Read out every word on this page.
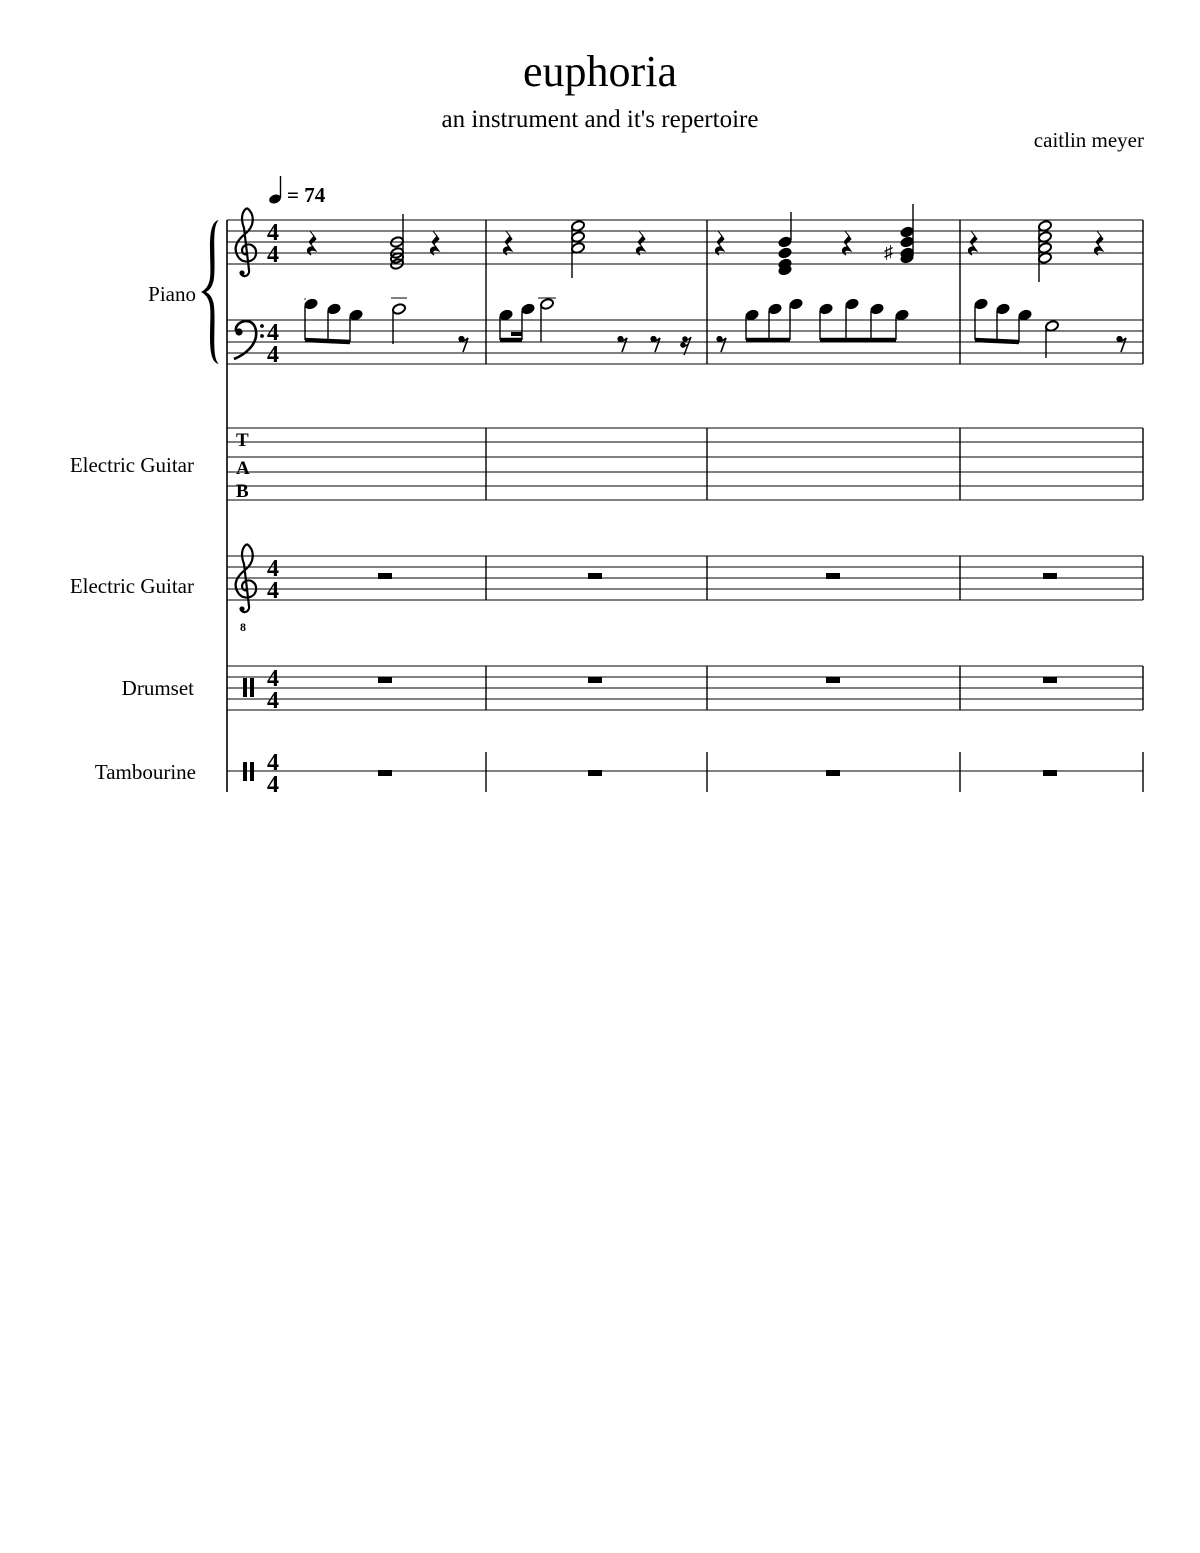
euphoria
an instrument and it's repertoire
caitlin meyer
= 74
Piano
Electric Guitar
Electric Guitar
Drumset
Tambourine
8
T
A
B
4
4
4
4
4
4
4
4
4
4
♯
